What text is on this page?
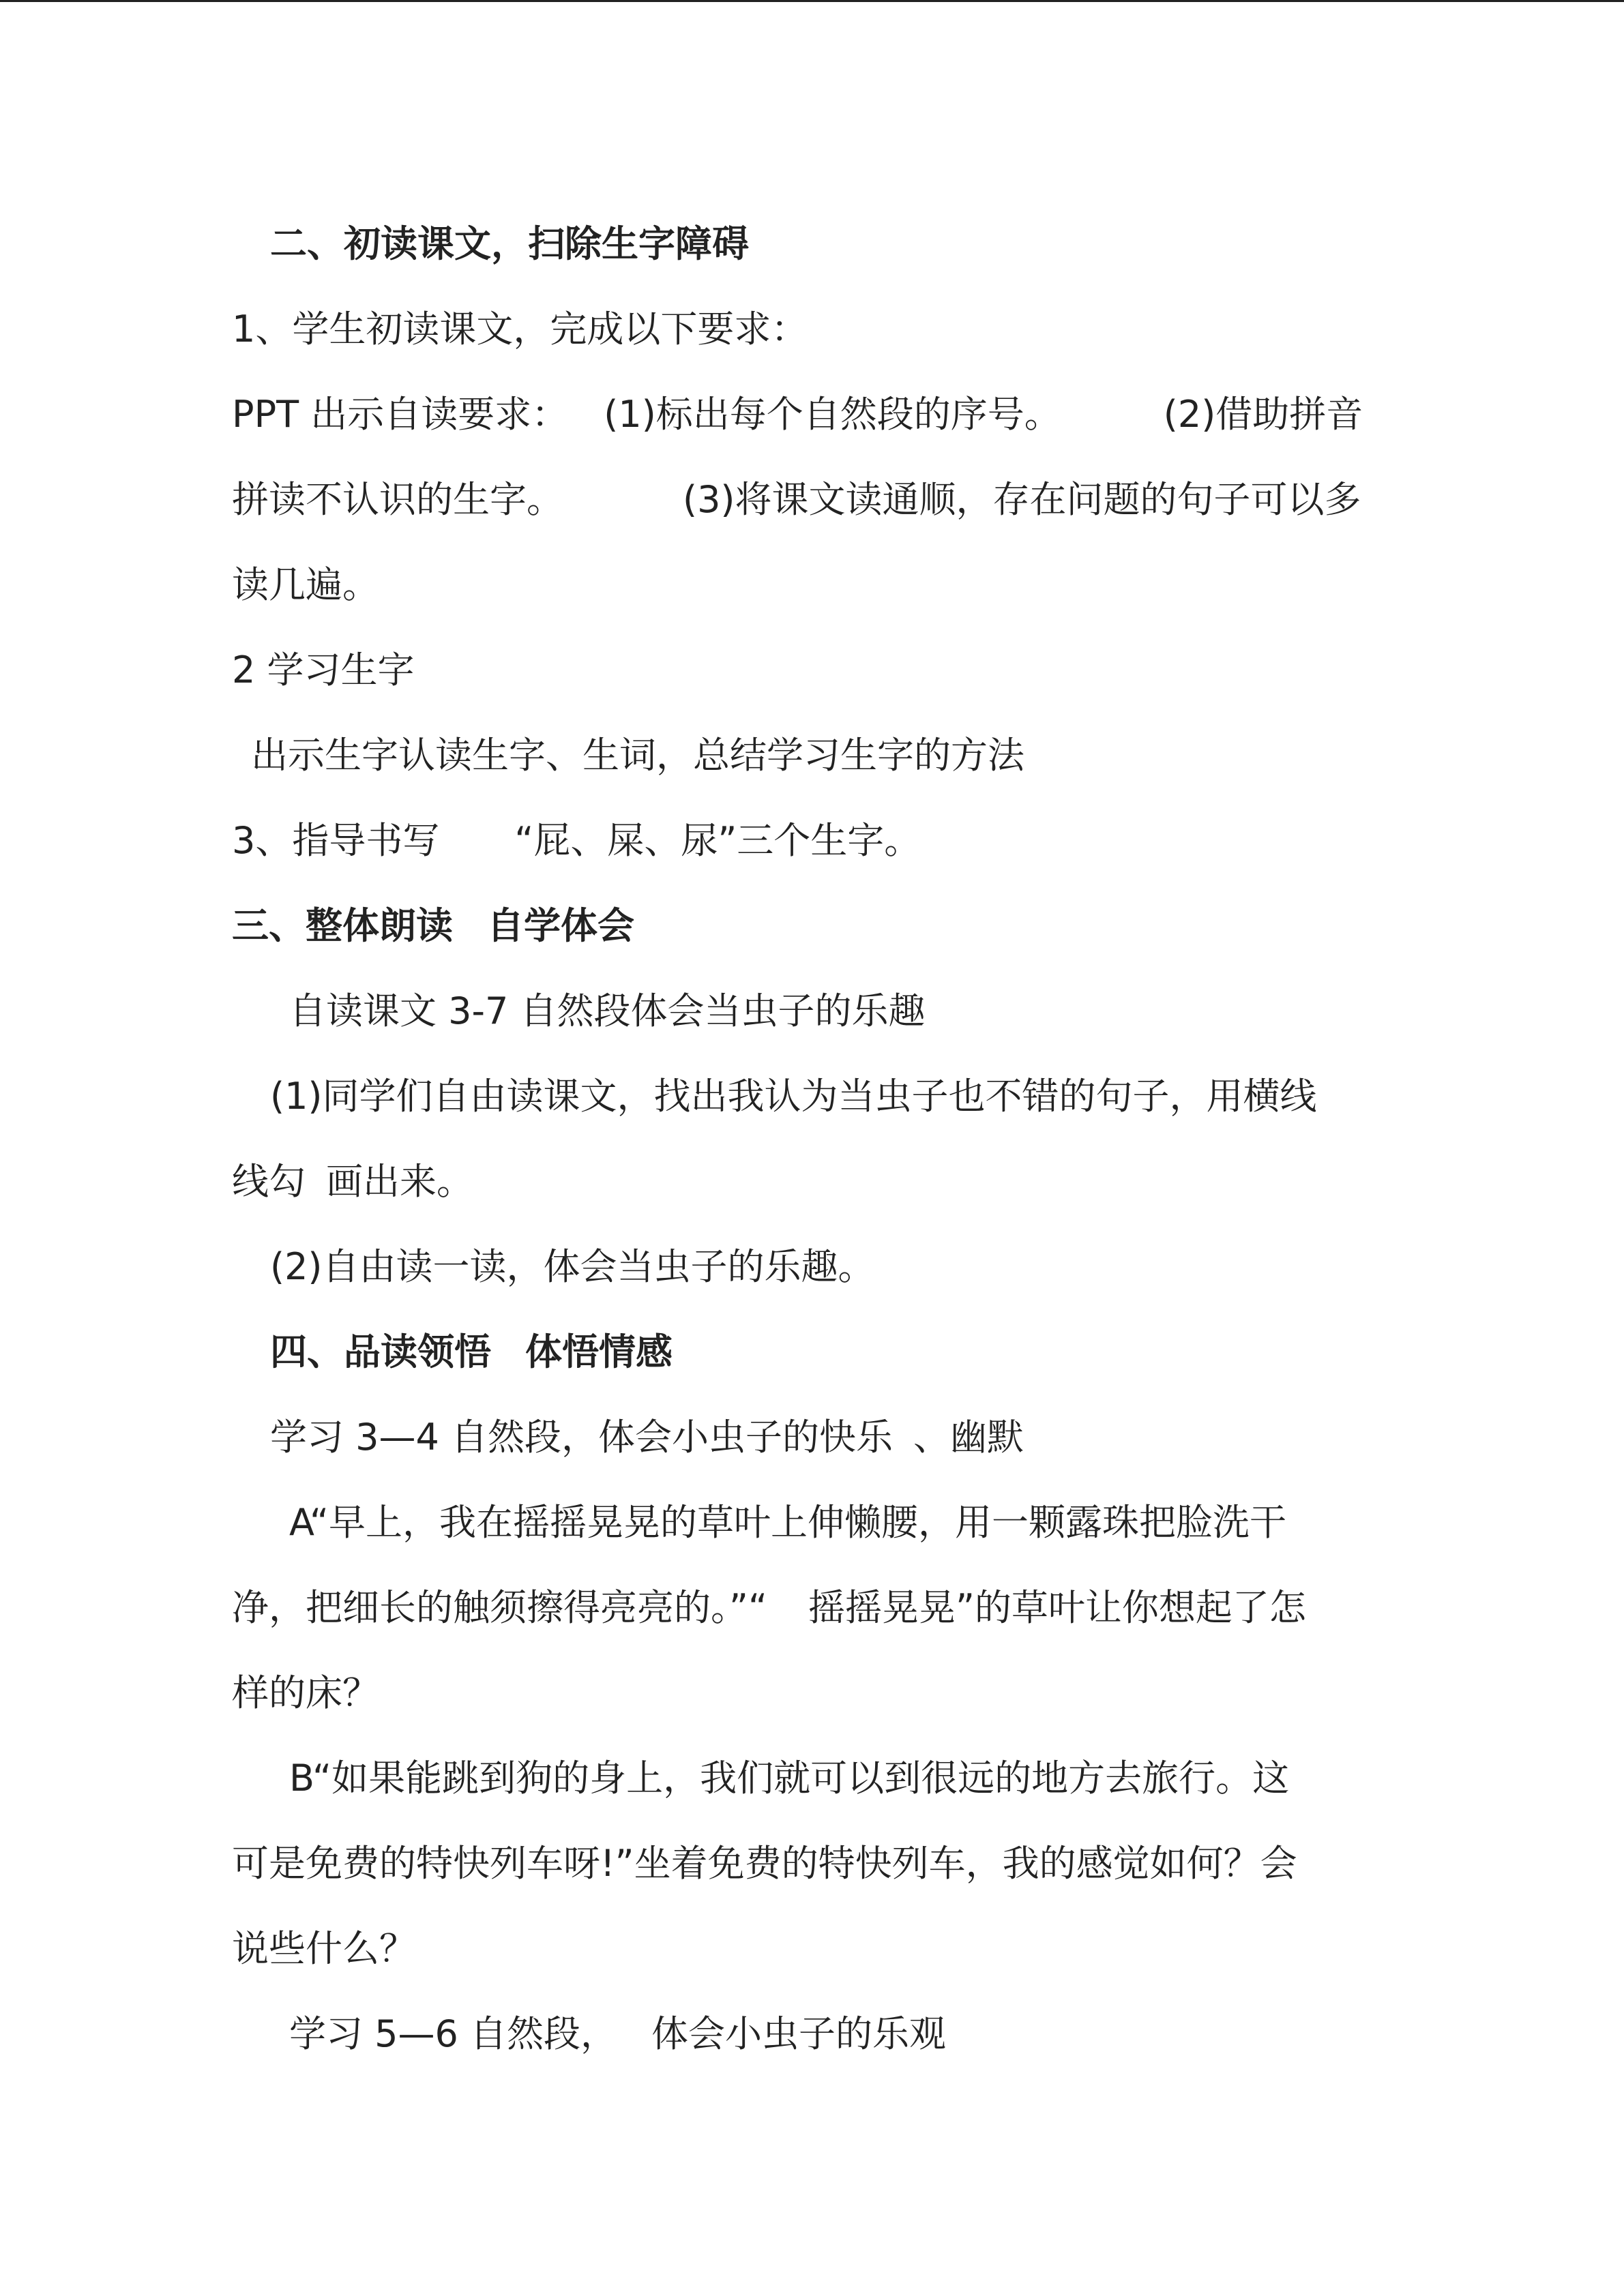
二、初读课文，扫除生字障碍
1、学生初读课文，完成以下要求：
PPT 出示自读要求： (1)标出每个自然段的序号。	(2)借助拼音
拼读不认识的生字。	(3)将课文读通顺，存在问题的句子可以多
读几遍。
2 学习生字
出示生字认读生字、生词，总结学习生字的方法
3、指导书写 “屁、屎、尿”三个生字。
三、整体朗读 自学体会
自读课文 3-7 自然段体会当虫子的乐趣
(1)同学们自由读课文，找出我认为当虫子也不错的句子，用横线
线勾 画出来。
(2)自由读一读，体会当虫子的乐趣。
四、品读领悟 体悟情感
学习 3—4 自然段，体会小虫子的快乐 、幽默
A“早上，我在摇摇晃晃的草叶上伸懒腰，用一颗露珠把脸洗干
净，把细长的触须擦得亮亮的。”“ 摇摇晃晃”的草叶让你想起了怎
样的床？
B“如果能跳到狗的身上，我们就可以到很远的地方去旅行。这
可是免费的特快列车呀!”坐着免费的特快列车，我的感觉如何？会
说些什么？
学习 5—6 自然段， 体会小虫子的乐观
